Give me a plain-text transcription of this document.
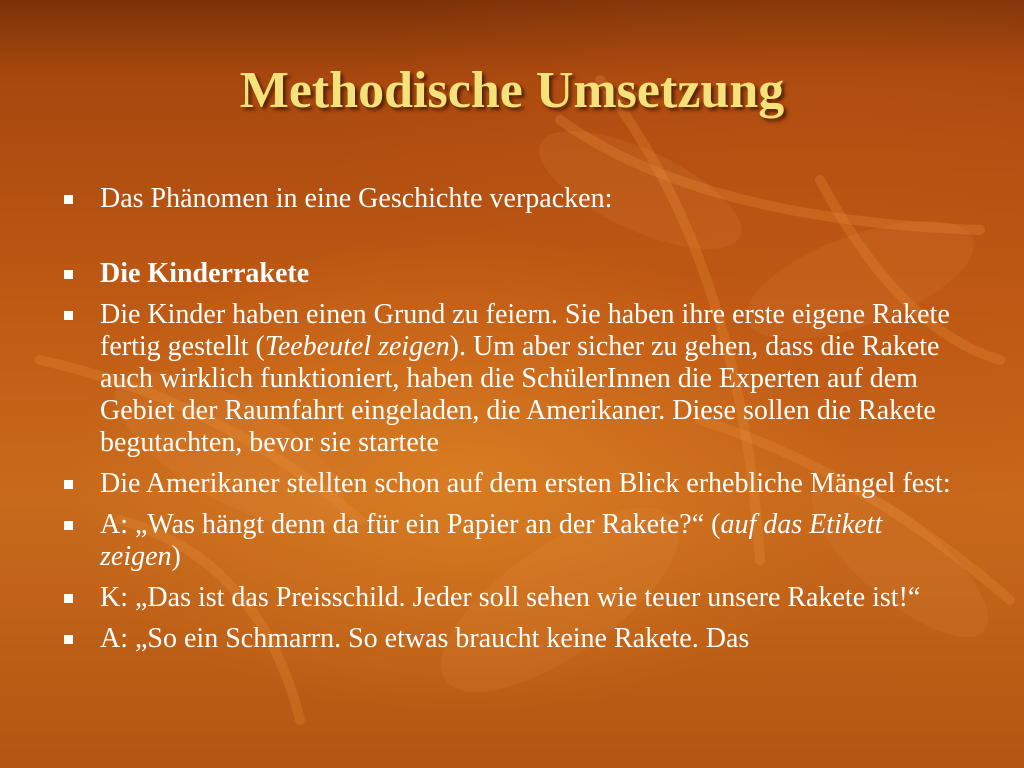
Methodische Umsetzung
Das Phänomen in eine Geschichte verpacken:
Die Kinderrakete
Die Kinder haben einen Grund zu feiern. Sie haben ihre erste eigene Rakete fertig gestellt (Teebeutel zeigen). Um aber sicher zu gehen, dass die Rakete auch wirklich funktioniert, haben die SchülerInnen die Experten auf dem Gebiet der Raumfahrt eingeladen, die Amerikaner. Diese sollen die Rakete begutachten, bevor sie startete
Die Amerikaner stellten schon auf dem ersten Blick erhebliche Mängel fest:
A: „Was hängt denn da für ein Papier an der Rakete?“ (auf das Etikett zeigen)
K: „Das ist das Preisschild. Jeder soll sehen wie teuer unsere Rakete ist!“
A: „So ein Schmarrn. So etwas braucht keine Rakete. Das
